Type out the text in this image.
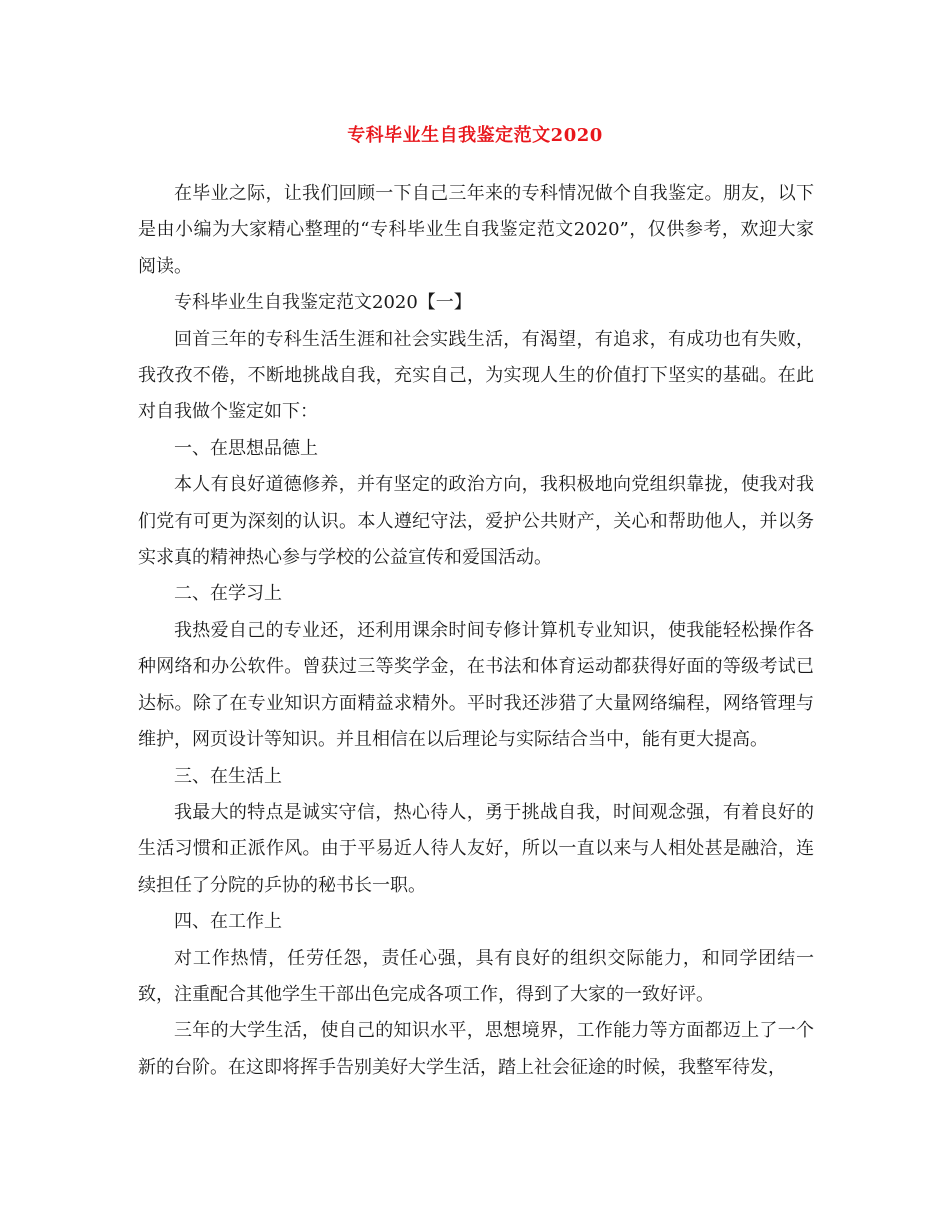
专科毕业生自我鉴定范文2020

在毕业之际，让我们回顾一下自己三年来的专科情况做个自我鉴定。朋友，以下是由小编为大家精心整理的“专科毕业生自我鉴定范文2020”，仅供参考，欢迎大家阅读。

专科毕业生自我鉴定范文2020【一】

回首三年的专科生活生涯和社会实践生活，有渴望，有追求，有成功也有失败，我孜孜不倦，不断地挑战自我，充实自己，为实现人生的价值打下坚实的基础。在此对自我做个鉴定如下：

一、在思想品德上

本人有良好道德修养，并有坚定的政治方向，我积极地向党组织靠拢，使我对我们党有可更为深刻的认识。本人遵纪守法，爱护公共财产，关心和帮助他人，并以务实求真的精神热心参与学校的公益宣传和爱国活动。

二、在学习上

我热爱自己的专业还，还利用课余时间专修计算机专业知识，使我能轻松操作各种网络和办公软件。曾获过三等奖学金，在书法和体育运动都获得好面的等级考试已达标。除了在专业知识方面精益求精外。平时我还涉猎了大量网络编程，网络管理与维护，网页设计等知识。并且相信在以后理论与实际结合当中，能有更大提高。

三、在生活上

我最大的特点是诚实守信，热心待人，勇于挑战自我，时间观念强，有着良好的生活习惯和正派作风。由于平易近人待人友好，所以一直以来与人相处甚是融洽，连续担任了分院的乒协的秘书长一职。

四、在工作上

对工作热情，任劳任怨，责任心强，具有良好的组织交际能力，和同学团结一致，注重配合其他学生干部出色完成各项工作，得到了大家的一致好评。

三年的大学生活，使自己的知识水平，思想境界，工作能力等方面都迈上了一个新的台阶。在这即将挥手告别美好大学生活，踏上社会征途的时候，我整军待发，
